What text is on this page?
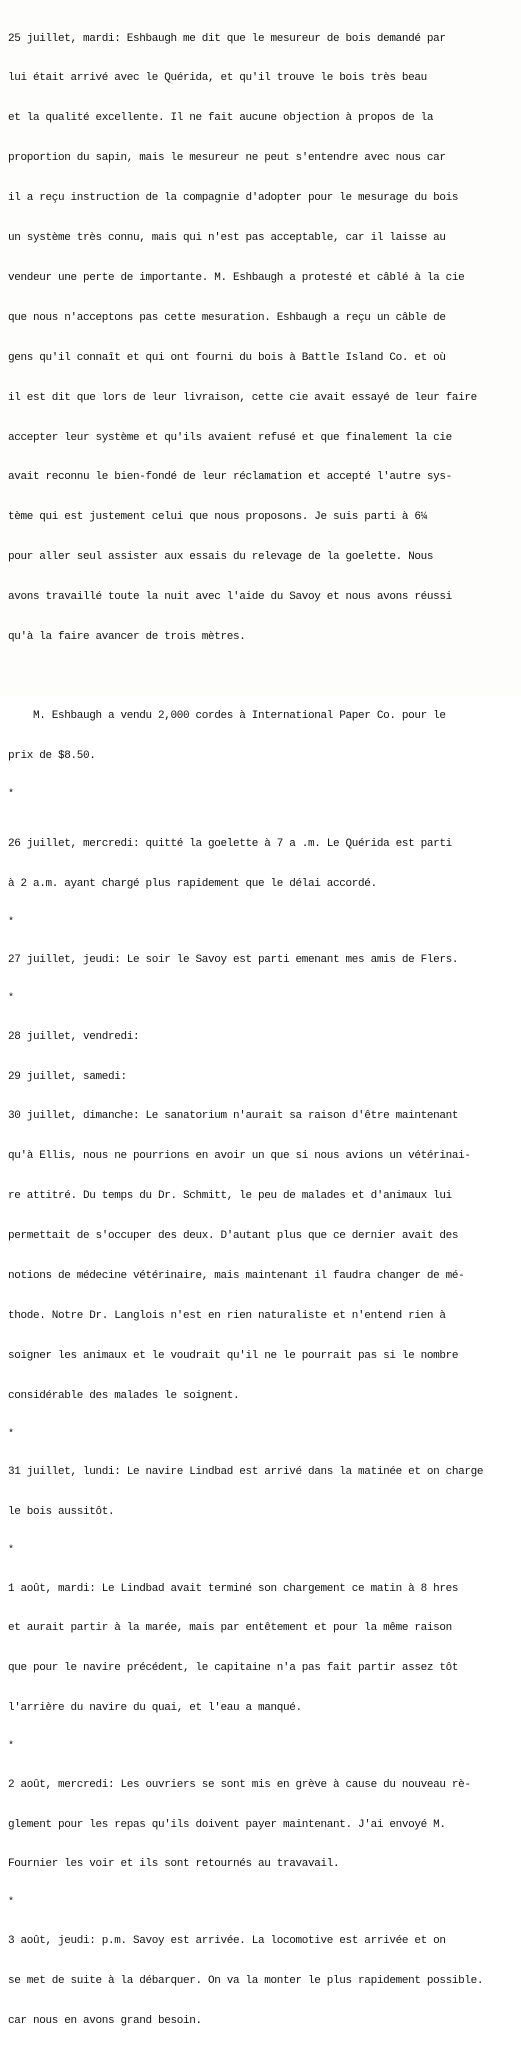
25 juillet, mardi: Eshbaugh me dit que le mesureur de bois demandé par

lui était arrivé avec le Quérida, et qu'il trouve le bois très beau

et la qualité excellente. Il ne fait aucune objection à propos de la

proportion du sapin, mais le mesureur ne peut s'entendre avec nous car

il a reçu instruction de la compagnie d'adopter pour le mesurage du bois

un système très connu, mais qui n'est pas acceptable, car il laisse au

vendeur une perte de importante. M. Eshbaugh a protesté et câblé à la cie

que nous n'acceptons pas cette mesuration. Eshbaugh a reçu un câble de

gens qu'il connaît et qui ont fourni du bois à Battle Island Co. et où

il est dit que lors de leur livraison, cette cie avait essayé de leur faire

accepter leur système et qu'ils avaient refusé et que finalement la cie

avait reconnu le bien-fondé de leur réclamation et accepté l'autre sys-

tème qui est justement celui que nous proposons. Je suis parti à 6¼

pour aller seul assister aux essais du relevage de la goelette. Nous

avons travaillé toute la nuit avec l'aide du Savoy et nous avons réussi

qu'à la faire avancer de trois mètres.

M. Eshbaugh a vendu 2,000 cordes à International Paper Co. pour le

prix de $8.50.

*

26 juillet, mercredi: quitté la goelette à 7 a .m. Le Quérida est parti

à 2 a.m. ayant chargé plus rapidement que le délai accordé.

*

27 juillet, jeudi: Le soir le Savoy est parti emenant mes amis de Flers.

*

28 juillet, vendredi:

29 juillet, samedi:

30 juillet, dimanche: Le sanatorium n'aurait sa raison d'être maintenant

qu'à Ellis, nous ne pourrions en avoir un que si nous avions un vétérinai-

re attitré. Du temps du Dr. Schmitt, le peu de malades et d'animaux lui

permettait de s'occuper des deux. D'autant plus que ce dernier avait des

notions de médecine vétérinaire, mais maintenant il faudra changer de mé-

thode. Notre Dr. Langlois n'est en rien naturaliste et n'entend rien à

soigner les animaux et le voudrait qu'il ne le pourrait pas si le nombre

considérable des malades le soignent.

*

31 juillet, lundi: Le navire Lindbad est arrivé dans la matinée et on charge

le bois aussitôt.

*

1 août, mardi: Le Lindbad avait terminé son chargement ce matin à 8 hres

et aurait partir à la marée, mais par entêtement et pour la même raison

que pour le navire précédent, le capitaine n'a pas fait partir assez tôt

l'arrière du navire du quai, et l'eau a manqué.

*

2 août, mercredi: Les ouvriers se sont mis en grève à cause du nouveau rè-

glement pour les repas qu'ils doivent payer maintenant. J'ai envoyé M.

Fournier les voir et ils sont retournés au travavail.

*

3 août, jeudi: p.m. Savoy est arrivée. La locomotive est arrivée et on

se met de suite à la débarquer. On va la monter le plus rapidement possible.

car nous en avons grand besoin.
